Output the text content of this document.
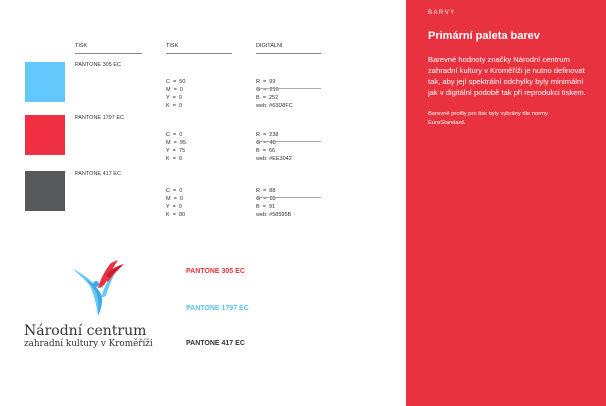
TISK	TISK	DIGITALNÍ
PANTONE 305 EC

C  =  50
M  =  0
Y  =  0
K  =  0

R  =  99
G  =  216
B  =  252
web: #63D8FC

PANTONE 1797 EC

C  =  0
M  =  95
Y  =  75
K  =  0

R  =  238
G  =  48
B  =  66
web: #EE3042

PANTONE 417 EC

C  =  0
M  =  0
Y  =  0
K  =  80

R  =  88
G  =  89
B  =  91
web: #58595B

Národní centrum
zahradní kultury v Kroměříži
PANTONE 305 EC
PANTONE 1797 EC
PANTONE 417 EC
BARVY
Primární paleta barev
Barevné hodnoty značky Národní centrum zahradní kultury v Kroměříži je nutno definovat tak, aby její spektrální odchylky byly minimální jak v digitální podobě tak při reprodukci tiskem.
Barevné profily pro tisk byly vybrány dle normy EuroStandard.
